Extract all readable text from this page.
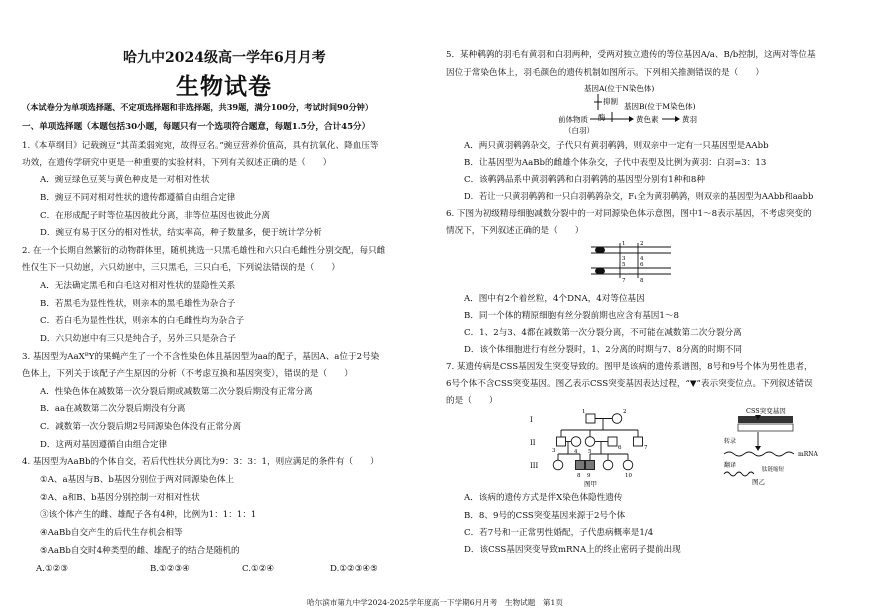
哈九中2024级高一学年6月月考
生物试卷
（本试卷分为单项选择题、不定项选择题和非选择题，共39题，满分100分，考试时间90分钟）
一、单项选择题（本题包括30小题，每题只有一个选项符合题意，每题1.5分，合计45分）
1.《本草纲目》记载豌豆“其苗柔弱宛宛，故得豆名。”豌豆营养价值高，具有抗氧化、降血压等
功效，在遗传学研究中更是一种重要的实验材料，下列有关叙述正确的是（　　）
A．豌豆绿色豆荚与黄色种皮是一对相对性状
B．豌豆不同对相对性状的遗传都遵循自由组合定律
C．在形成配子时等位基因彼此分离，非等位基因也彼此分离
D．豌豆有易于区分的相对性状，结实率高，种子数量多，便于统计学分析
2. 在一个长期自然繁衍的动物群体里，随机挑选一只黑毛雄性和六只白毛雌性分别交配，每只雌
性仅生下一只幼崽，六只幼崽中，三只黑毛，三只白毛，下列说法错误的是（　　）
A．无法确定黑毛和白毛这对相对性状的显隐性关系
B．若黑毛为显性性状，则亲本的黑毛雄性为杂合子
C．若白毛为显性性状，则亲本的白毛雌性均为杂合子
D．六只幼崽中有三只是纯合子，另外三只是杂合子
3. 基因型为AaXᴮY的果蝇产生了一个不含性染色体且基因型为aa的配子，基因A、a位于2号染
色体上，下列关于该配子产生原因的分析（不考虑互换和基因突变），错误的是（　　）
A．性染色体在减数第一次分裂后期或减数第二次分裂后期没有正常分离
B．aa在减数第二次分裂后期没有分离
C．减数第一次分裂后期2号同源染色体没有正常分离
D．这两对基因遵循自由组合定律
4. 基因型为AaBb的个体自交，若后代性状分离比为9：3：3：1，则应满足的条件有（　　）
①A、a基因与B、b基因分别位于两对同源染色体上
②A、a和B、b基因分别控制一对相对性状
③该个体产生的雌、雄配子各有4种，比例为1：1：1：1
④AaBb自交产生的后代生存机会相等
⑤AaBb自交时4种类型的雌、雄配子的结合是随机的
A.①②③	B.①②③④	C.①②④	D.①②③④⑤
5．某种鹌鹑的羽毛有黄羽和白羽两种，受两对独立遗传的等位基因A/a、B/b控制，这两对等位基
因位于常染色体上，羽毛颜色的遗传机制如图所示。下列相关推测错误的是（　　）
基因A(位于N染色体)
抑制
基因B(位于M染色体)
酶
前体物质	黄色素	黄羽
（白羽）
A．两只黄羽鹌鹑杂交，子代只有黄羽鹌鹑，则双亲中一定有一只基因型是AAbb
B．让基因型为AaBb的雌雄个体杂交，子代中表型及比例为黄羽：白羽=3：13
C．该鹌鹑品系中黄羽鹌鹑和白羽鹌鹑的基因型分别有1种和8种
D．若让一只黄羽鹌鹑和一只白羽鹌鹑杂交，F₁全为黄羽鹌鹑，则双亲的基因型为AAbb和aabb
6. 下图为初级精母细胞减数分裂中的一对同源染色体示意图，图中1～8表示基因，不考虑突变的
情况下，下列叙述正确的是（　　）
1	2
3	4
5	6
7	8
A．图中有2个着丝粒，4个DNA，4对等位基因
B．同一个体的精原细胞有丝分裂前期也应含有基因1～8
C．1、2与3、4都在减数第一次分裂分离，不可能在减数第二次分裂分离
D．该个体细胞进行有丝分裂时，1、2分离的时期与7、8分离的时期不同
7. 某遗传病是CSS基因发生突变导致的。图甲是该病的遗传系谱图，8号和9号个体为男性患者，
6号个体不含CSS突变基因。图乙表示CSS突变基因表达过程，“▼”表示突变位点。下列叙述错误
的是（　　）
I
II
III
1	2
3	4 5
6	7
8 9	10
图甲
CSS突变基因
转录
mRNA
翻译
肽链缩短
图乙
A．该病的遗传方式是伴X染色体隐性遗传
B．8、9号的CSS突变基因来源于2号个体
C．若7号和一正常男性婚配，子代患病概率是1/4
D．该CSS基因突变导致mRNA上的终止密码子提前出现
哈尔滨市第九中学2024-2025学年度高一下学期6月月考　生物试题　第1页
